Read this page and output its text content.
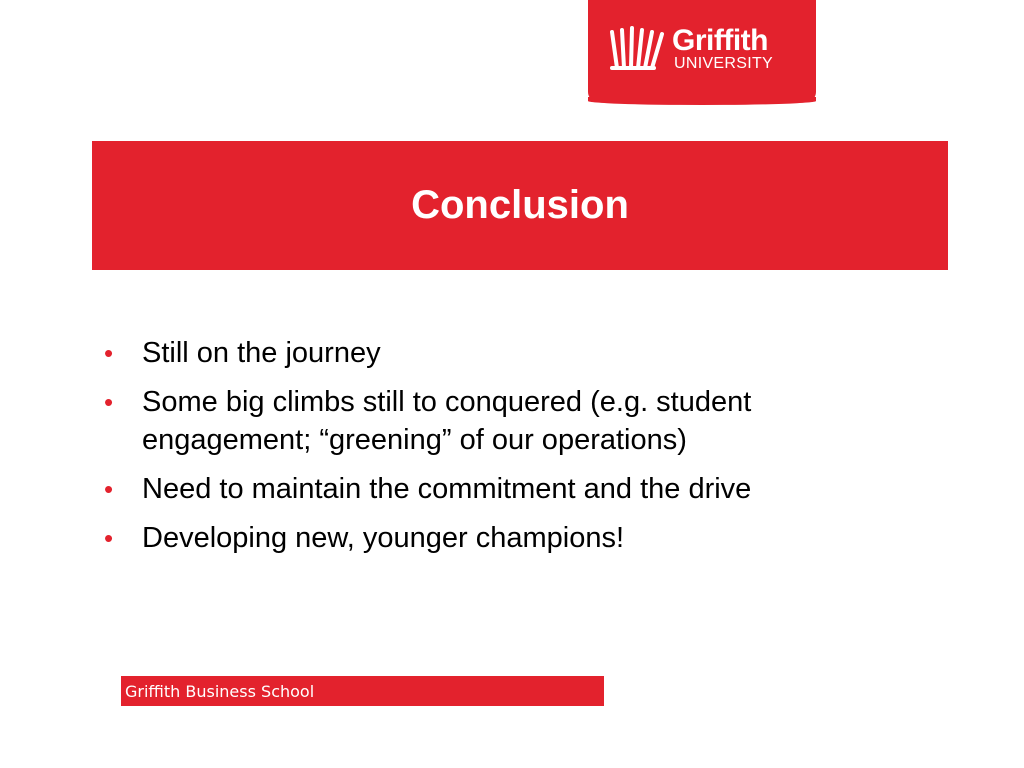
Griffith
UNIVERSITY
Conclusion
• Still on the journey
• Some big climbs still to conquered (e.g. student engagement; “greening” of our operations)
• Need to maintain the commitment and the drive
• Developing new, younger champions!
Griffith Business School
